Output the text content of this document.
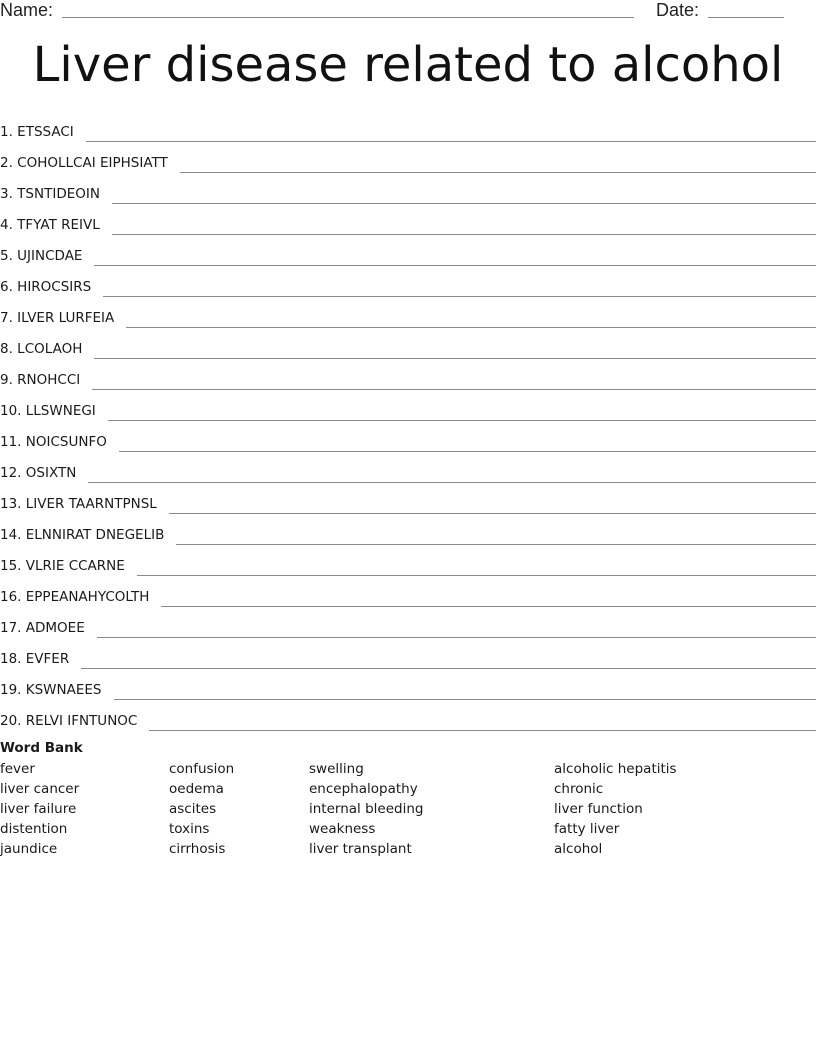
Name:	Date:
Liver disease related to alcohol
1. ETSSACI
2. COHOLLCAI EIPHSIATT
3. TSNTIDEOIN
4. TFYAT REIVL
5. UJINCDAE
6. HIROCSIRS
7. ILVER LURFEIA
8. LCOLAOH
9. RNOHCCI
10. LLSWNEGI
11. NOICSUNFO
12. OSIXTN
13. LIVER TAARNTPNSL
14. ELNNIRAT DNEGELIB
15. VLRIE CCARNE
16. EPPEANAHYCOLTH
17. ADMOEE
18. EVFER
19. KSWNAEES
20. RELVI IFNTUNOC
Word Bank
fever
liver cancer
liver failure
distention
jaundice
confusion
oedema
ascites
toxins
cirrhosis
swelling
encephalopathy
internal bleeding
weakness
liver transplant
alcoholic hepatitis
chronic
liver function
fatty liver
alcohol
